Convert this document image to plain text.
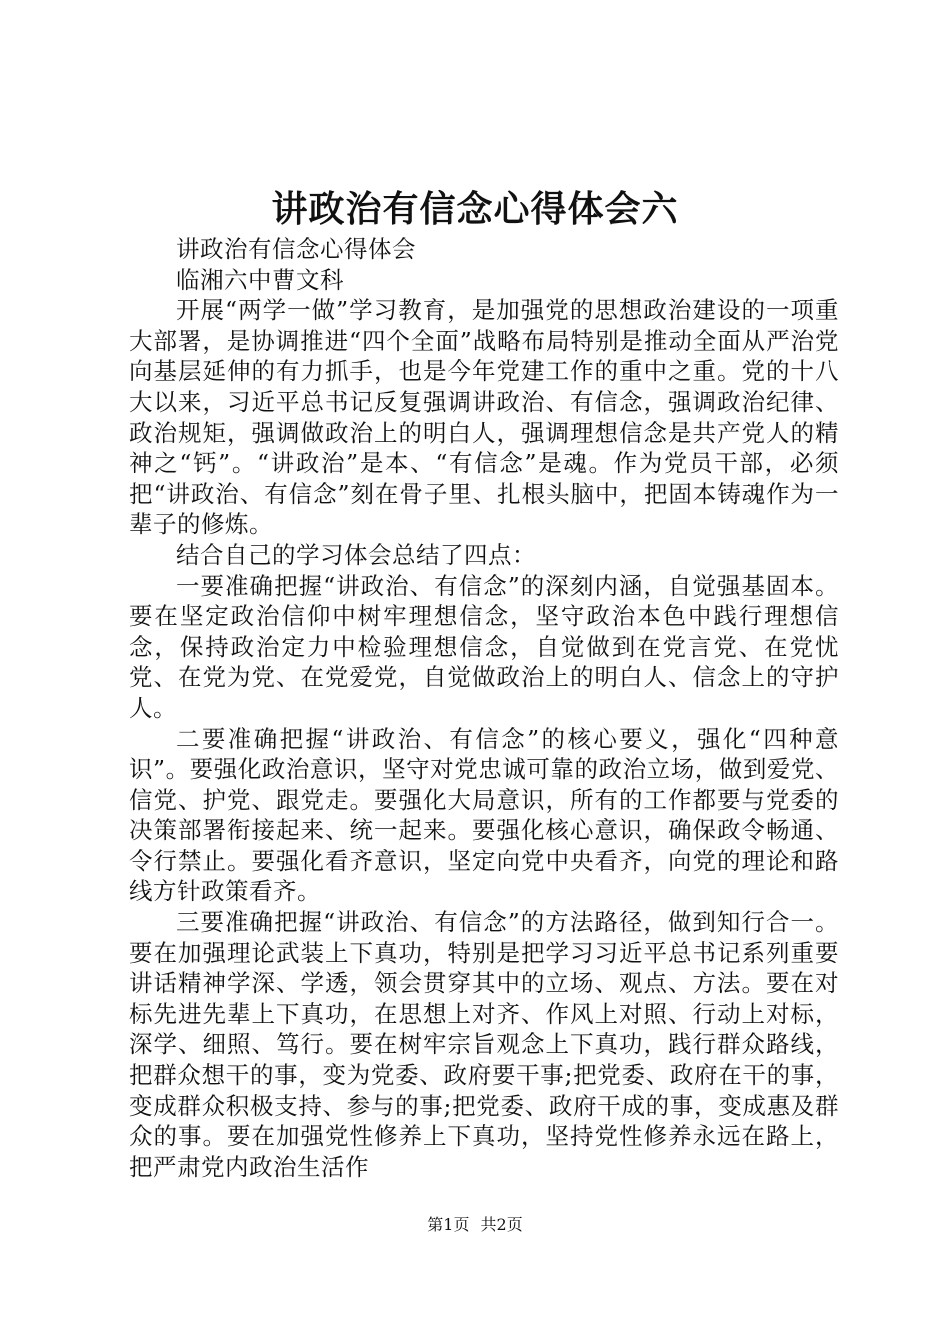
讲政治有信念心得体会六

讲政治有信念心得体会

临湘六中曹文科

开展“两学一做”学习教育，是加强党的思想政治建设的一项重大部署，是协调推进“四个全面”战略布局特别是推动全面从严治党向基层延伸的有力抓手，也是今年党建工作的重中之重。党的十八大以来，习近平总书记反复强调讲政治、有信念，强调政治纪律、政治规矩，强调做政治上的明白人，强调理想信念是共产党人的精神之“钙”。“讲政治”是本、“有信念”是魂。作为党员干部，必须把“讲政治、有信念”刻在骨子里、扎根头脑中，把固本铸魂作为一辈子的修炼。

结合自己的学习体会总结了四点：

一要准确把握“讲政治、有信念”的深刻内涵，自觉强基固本。要在坚定政治信仰中树牢理想信念，坚守政治本色中践行理想信念，保持政治定力中检验理想信念，自觉做到在党言党、在党忧党、在党为党、在党爱党，自觉做政治上的明白人、信念上的守护人。

二要准确把握“讲政治、有信念”的核心要义，强化“四种意识”。要强化政治意识，坚守对党忠诚可靠的政治立场，做到爱党、信党、护党、跟党走。要强化大局意识，所有的工作都要与党委的决策部署衔接起来、统一起来。要强化核心意识，确保政令畅通、令行禁止。要强化看齐意识，坚定向党中央看齐，向党的理论和路线方针政策看齐。

三要准确把握“讲政治、有信念”的方法路径，做到知行合一。要在加强理论武装上下真功，特别是把学习习近平总书记系列重要讲话精神学深、学透，领会贯穿其中的立场、观点、方法。要在对标先进先辈上下真功，在思想上对齐、作风上对照、行动上对标，深学、细照、笃行。要在树牢宗旨观念上下真功，践行群众路线，把群众想干的事，变为党委、政府要干事;把党委、政府在干的事，变成群众积极支持、参与的事;把党委、政府干成的事，变成惠及群众的事。要在加强党性修养上下真功，坚持党性修养永远在路上，把严肃党内政治生活作

第1页 共2页
